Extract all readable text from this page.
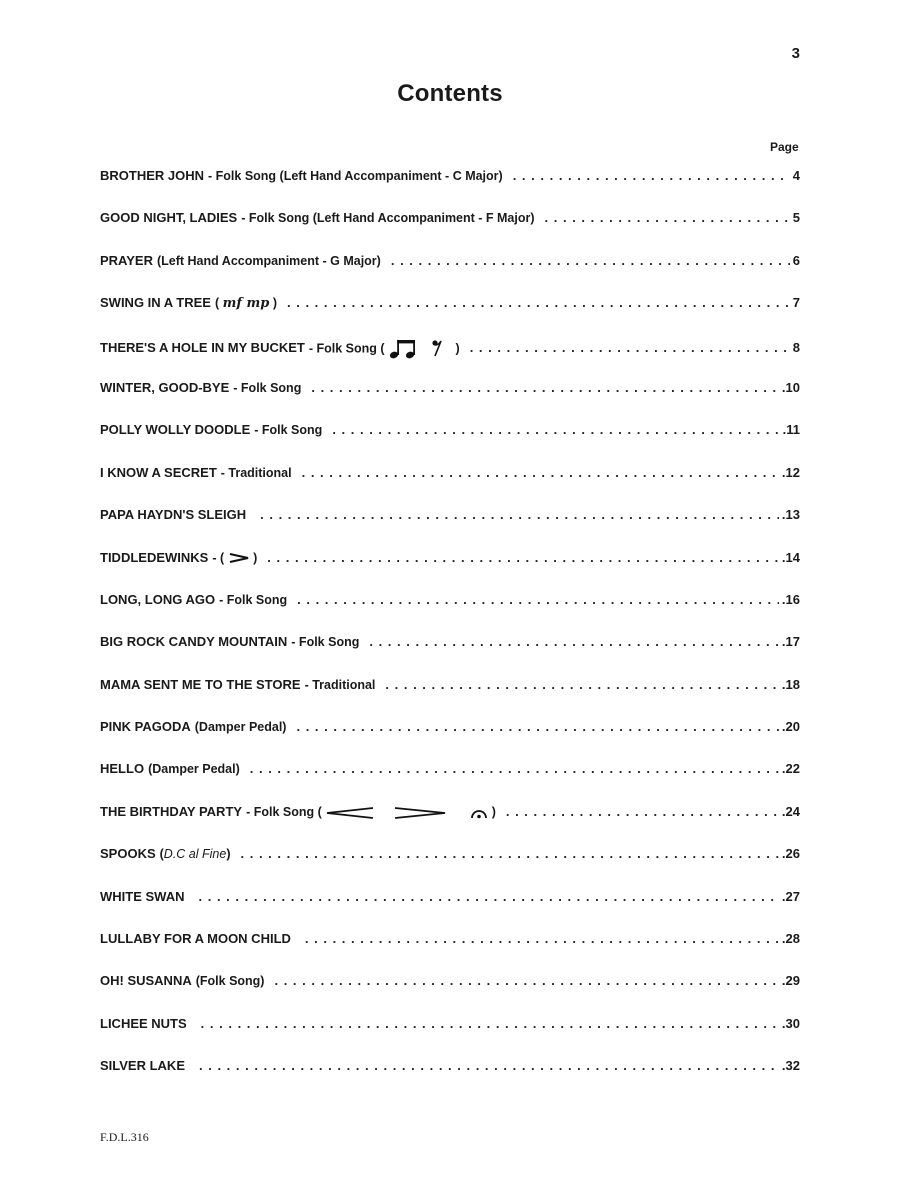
3
Contents
Page
BROTHER JOHN - Folk Song (Left Hand Accompaniment - C Major) . . .	4
GOOD NIGHT, LADIES - Folk Song (Left Hand Accompaniment - F Major) . . .	5
PRAYER (Left Hand Accompaniment - G Major) . . .	6
SWING IN A TREE ( mf mp ) . . .	7
THERE'S A HOLE IN MY BUCKET - Folk Song (	) . . .	8
WINTER, GOOD-BYE - Folk Song . . .	.10
POLLY WOLLY DOODLE - Folk Song . . .	.11
I KNOW A SECRET - Traditional . . .	.12
PAPA HAYDN'S SLEIGH . . .	.13
TIDDLEDEWINKS - ( ) . . .	.14
LONG, LONG AGO - Folk Song . . .	.16
BIG ROCK CANDY MOUNTAIN - Folk Song . . .	.17
MAMA SENT ME TO THE STORE - Traditional . . .	.18
PINK PAGODA (Damper Pedal) . . .	.20
HELLO (Damper Pedal) . . .	.22
THE BIRTHDAY PARTY - Folk Song (	) . . .	.24
SPOOKS (D.C al Fine) . . .	.26
WHITE SWAN . . .	.27
LULLABY FOR A MOON CHILD . . .	.28
OH! SUSANNA (Folk Song) . . .	.29
LICHEE NUTS . . .	.30
SILVER LAKE . . .	.32
F.D.L.316
